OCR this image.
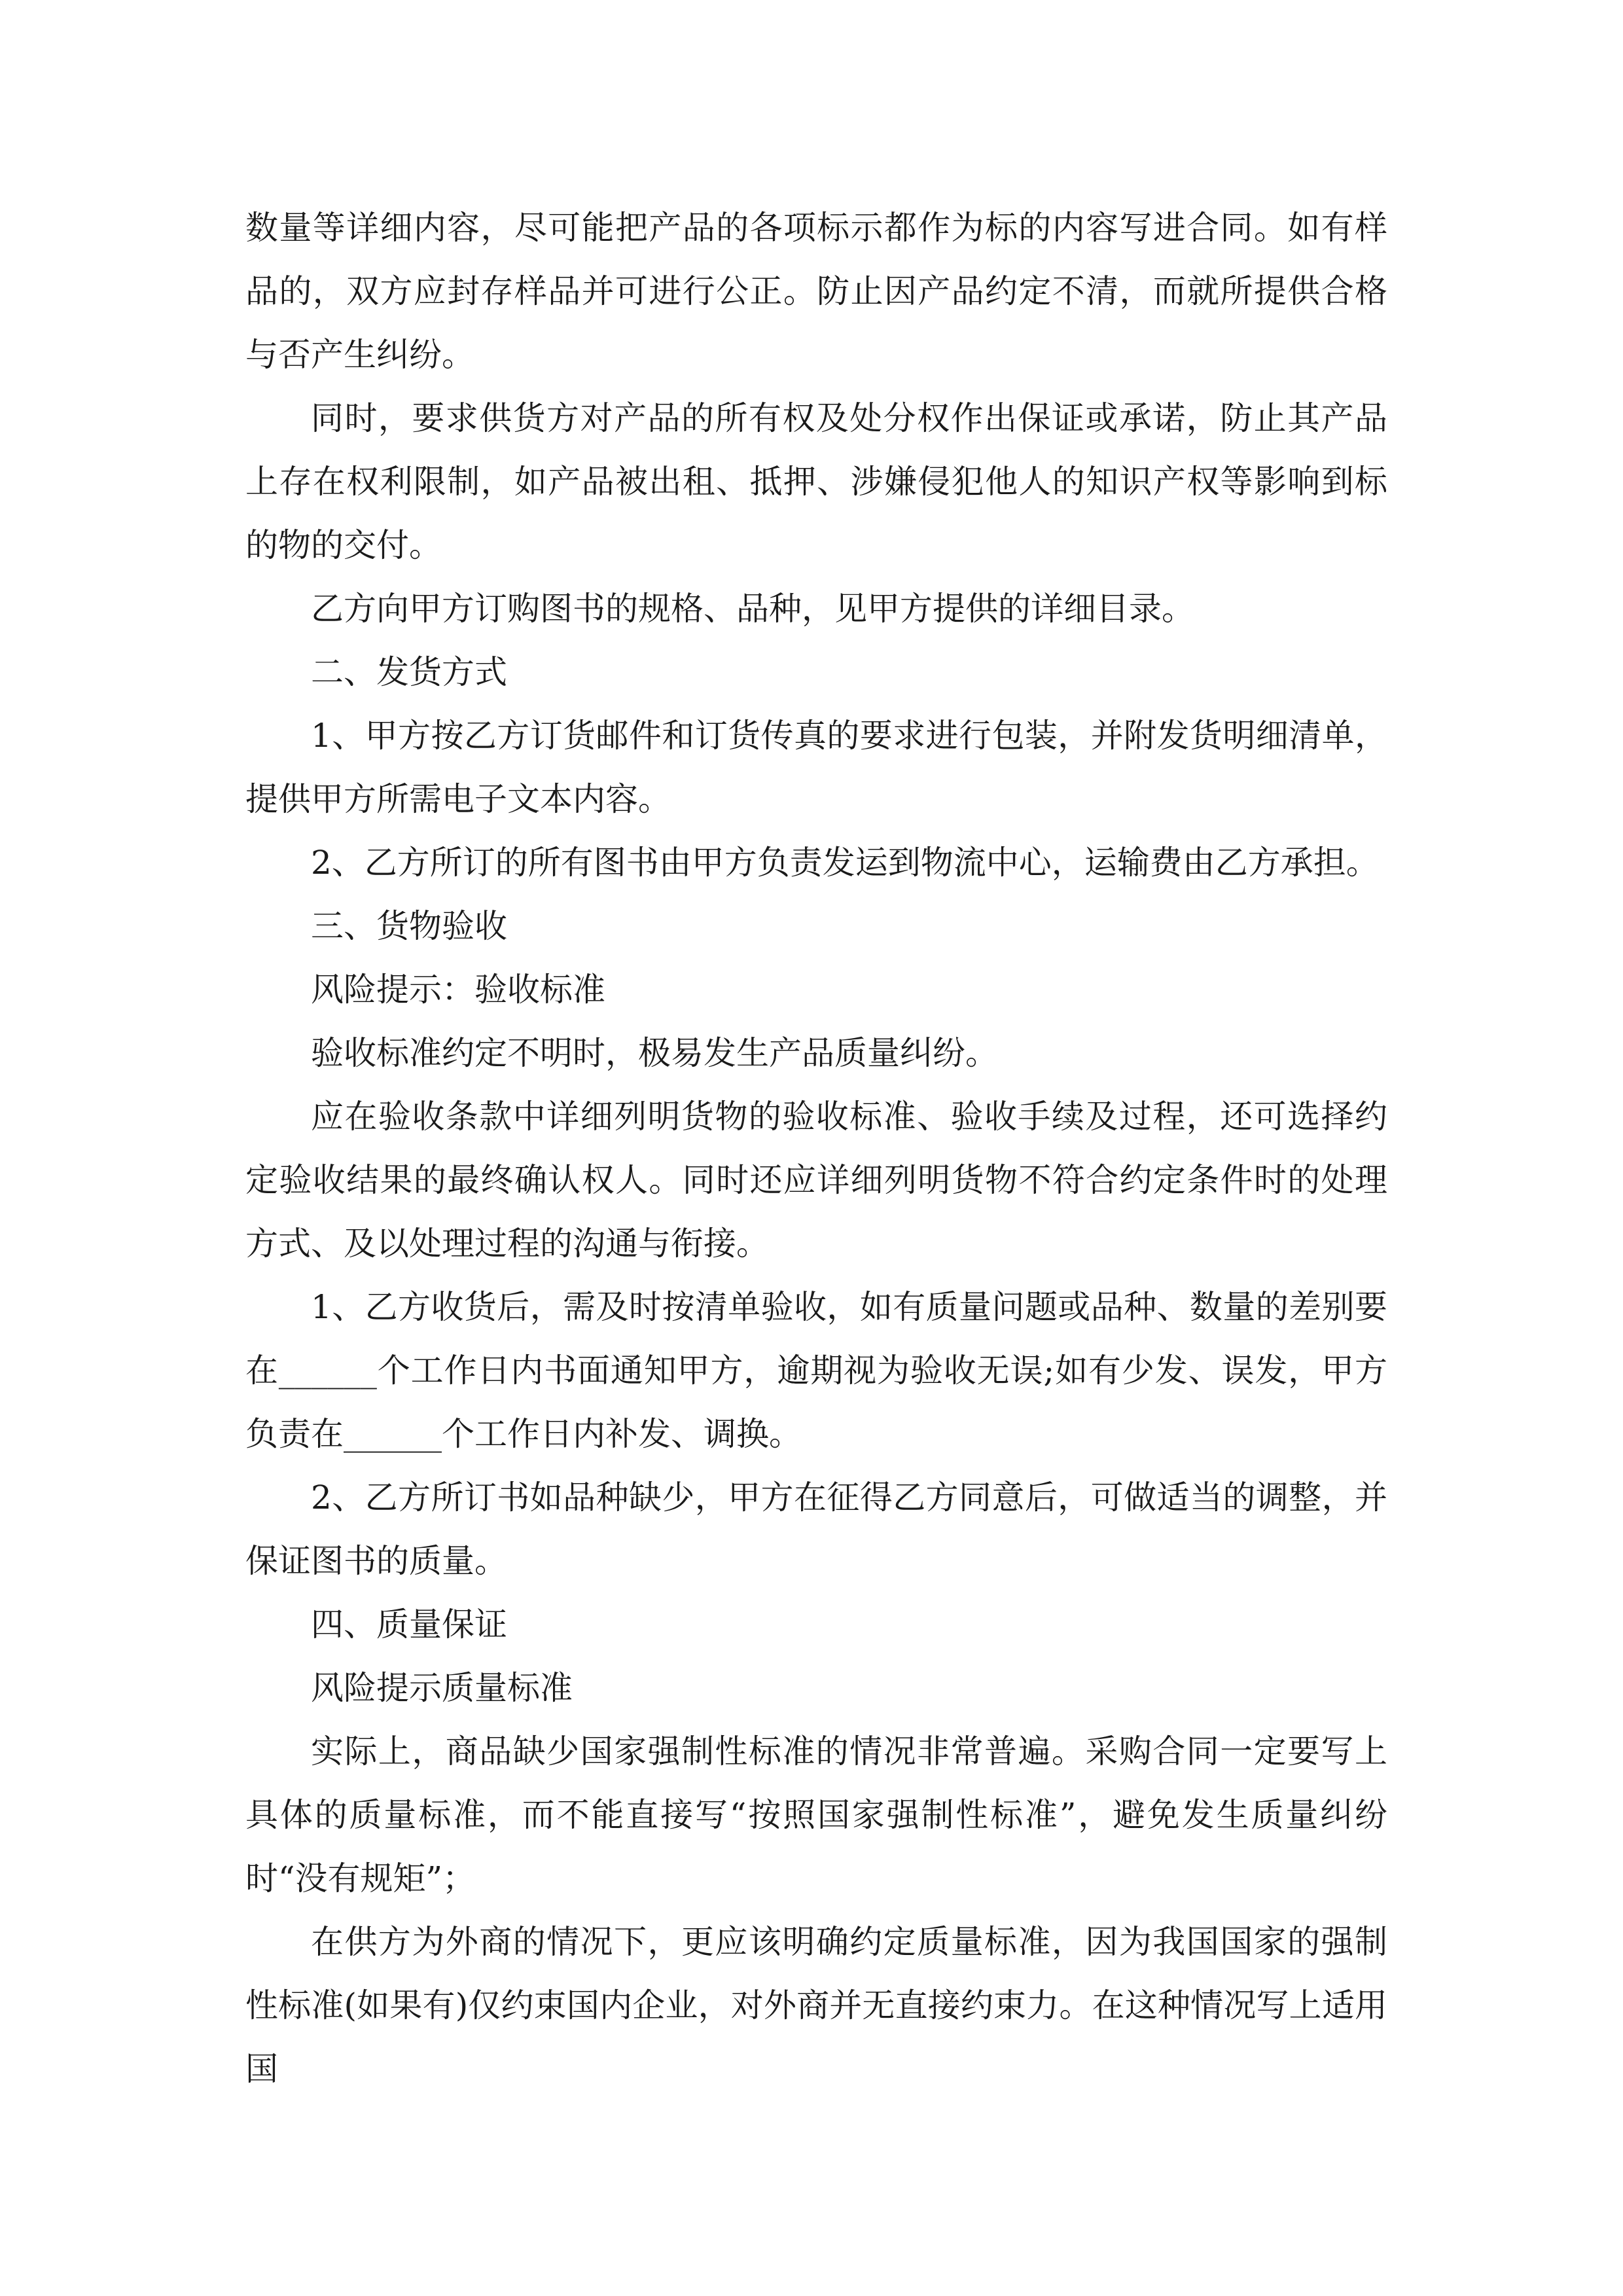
数量等详细内容，尽可能把产品的各项标示都作为标的内容写进合同。如有样品的，双方应封存样品并可进行公正。防止因产品约定不清，而就所提供合格与否产生纠纷。

同时，要求供货方对产品的所有权及处分权作出保证或承诺，防止其产品上存在权利限制，如产品被出租、抵押、涉嫌侵犯他人的知识产权等影响到标的物的交付。

乙方向甲方订购图书的规格、品种，见甲方提供的详细目录。

二、发货方式

1、甲方按乙方订货邮件和订货传真的要求进行包装，并附发货明细清单，提供甲方所需电子文本内容。

2、乙方所订的所有图书由甲方负责发运到物流中心，运输费由乙方承担。

三、货物验收

风险提示：验收标准

验收标准约定不明时，极易发生产品质量纠纷。

应在验收条款中详细列明货物的验收标准、验收手续及过程，还可选择约定验收结果的最终确认权人。同时还应详细列明货物不符合约定条件时的处理方式、及以处理过程的沟通与衔接。

1、乙方收货后，需及时按清单验收，如有质量问题或品种、数量的差别要在______个工作日内书面通知甲方，逾期视为验收无误;如有少发、误发，甲方负责在______个工作日内补发、调换。

2、乙方所订书如品种缺少，甲方在征得乙方同意后，可做适当的调整，并保证图书的质量。

四、质量保证

风险提示质量标准

实际上，商品缺少国家强制性标准的情况非常普遍。采购合同一定要写上具体的质量标准，而不能直接写“按照国家强制性标准”，避免发生质量纠纷时“没有规矩”；

在供方为外商的情况下，更应该明确约定质量标准，因为我国国家的强制性标准(如果有)仅约束国内企业，对外商并无直接约束力。在这种情况写上适用国
